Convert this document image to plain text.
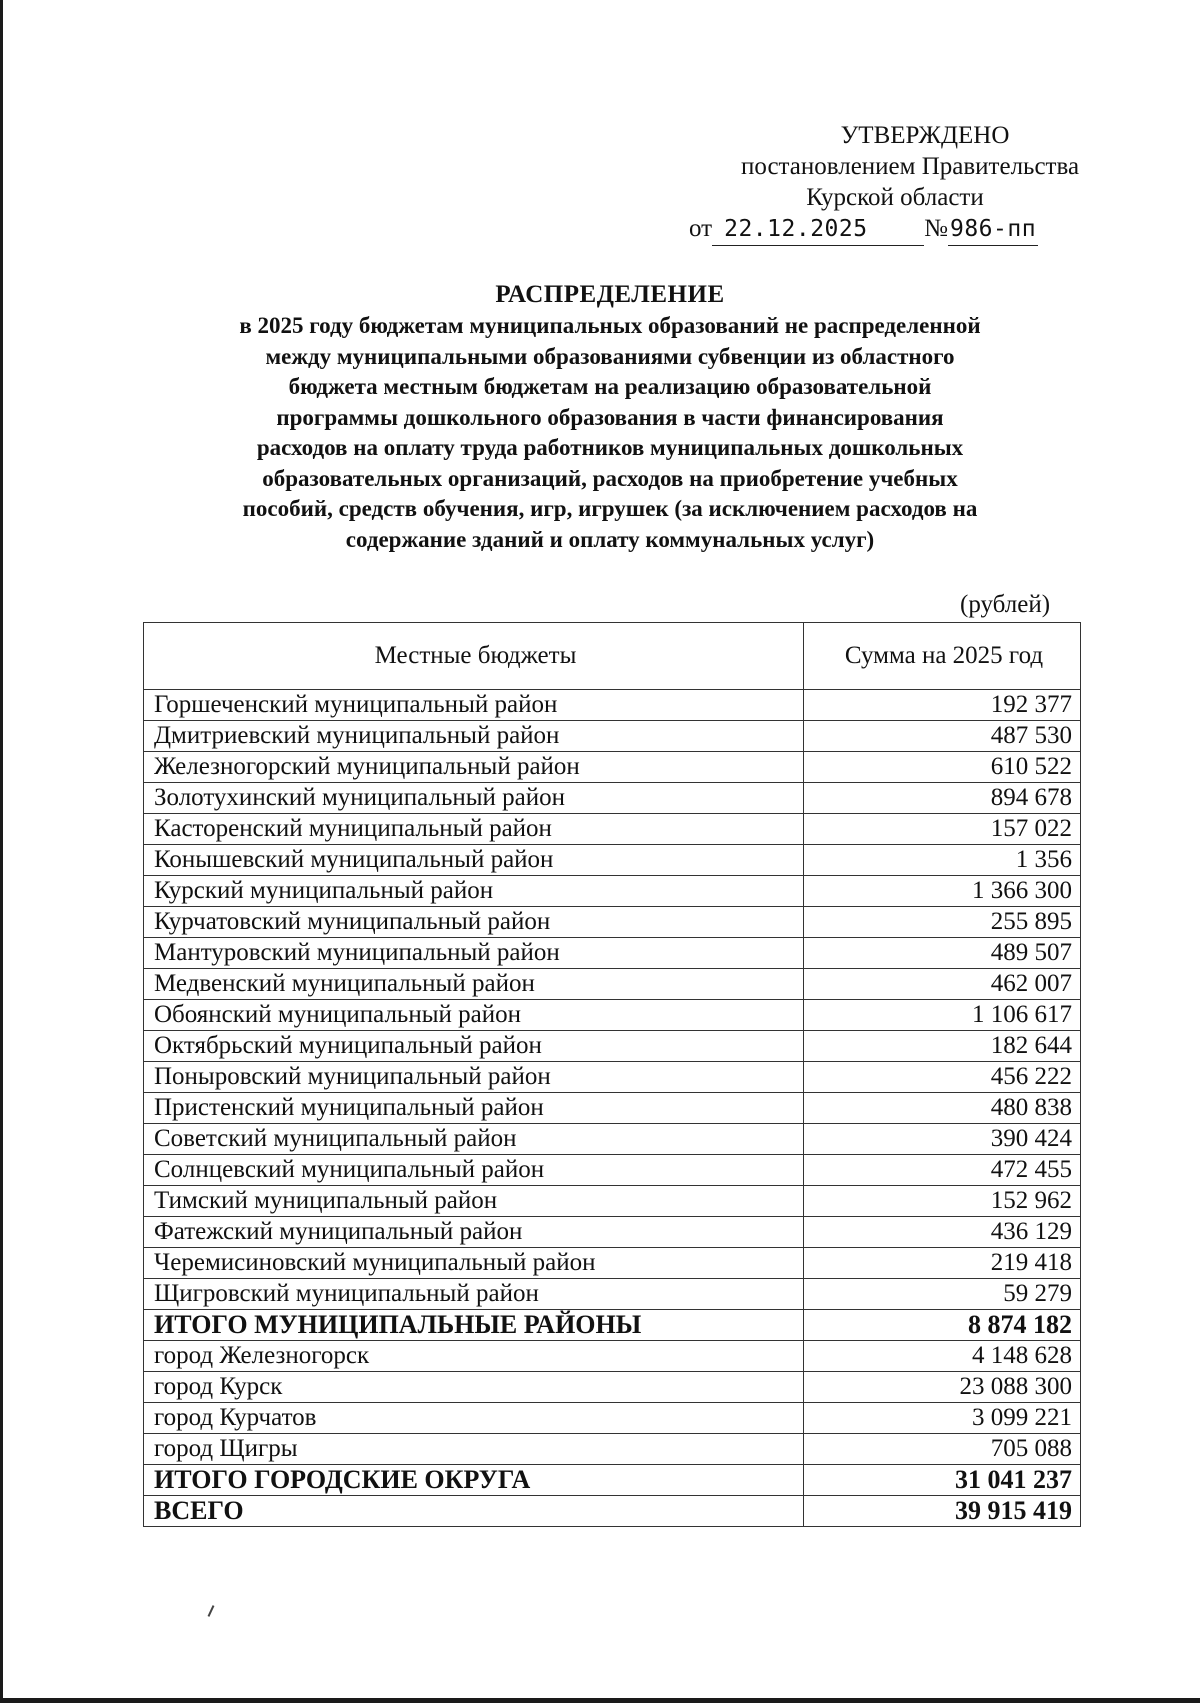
УТВЕРЖДЕНО
постановлением Правительства
Курской области
от 22.12.2025 №986-пп
РАСПРЕДЕЛЕНИЕ
в 2025 году бюджетам муниципальных образований не распределенной
между муниципальными образованиями субвенции из областного
бюджета местным бюджетам на реализацию образовательной
программы дошкольного образования в части финансирования
расходов на оплату труда работников муниципальных дошкольных
образовательных организаций, расходов на приобретение учебных
пособий, средств обучения, игр, игрушек (за исключением расходов на
содержание зданий и оплату коммунальных услуг)
(рублей)
Местные бюджеты	Сумма на 2025 год
Горшеченский муниципальный район	192 377
Дмитриевский муниципальный район	487 530
Железногорский муниципальный район	610 522
Золотухинский муниципальный район	894 678
Касторенский муниципальный район	157 022
Конышевский муниципальный район	1 356
Курский муниципальный район	1 366 300
Курчатовский муниципальный район	255 895
Мантуровский муниципальный район	489 507
Медвенский муниципальный район	462 007
Обоянский муниципальный район	1 106 617
Октябрьский муниципальный район	182 644
Поныровский муниципальный район	456 222
Пристенский муниципальный район	480 838
Советский муниципальный район	390 424
Солнцевский муниципальный район	472 455
Тимский муниципальный район	152 962
Фатежский муниципальный район	436 129
Черемисиновский муниципальный район	219 418
Щигровский муниципальный район	59 279
ИТОГО МУНИЦИПАЛЬНЫЕ РАЙОНЫ	8 874 182
город Железногорск	4 148 628
город Курск	23 088 300
город Курчатов	3 099 221
город Щигры	705 088
ИТОГО ГОРОДСКИЕ ОКРУГА	31 041 237
ВСЕГО	39 915 419
